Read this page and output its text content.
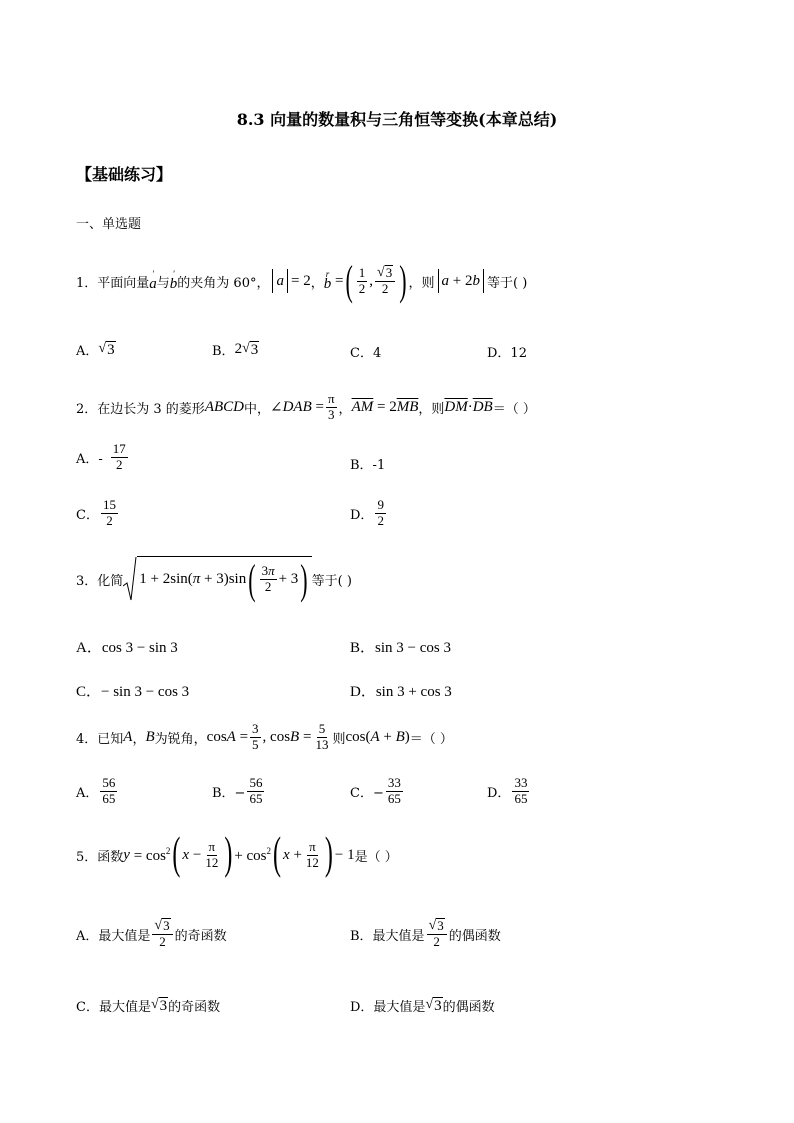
8.3 向量的数量积与三角恒等变换(本章总结)
【基础练习】
一、单选题
1．平面向量
'
a 与
'
b 的夹角为 60°， a = 2 ，
r
b = ( $\frac{1}{2}$ , $\frac{√ 3}{2}$ ) ，则 a + 2 b 等于( )
A． √ 3	B． 2 √ 3	C．4	D．12
2．在边长为 3 的菱形 ABCD 中， ∠ DAB = $\frac{\pi}{3}$ ， $\overline{AM} = 2$ $\overline{MB}$ ，则 $\overline{DM} \cdot \overline{DB}$ ＝（ ）
A．- $\frac{17}{2}$	B．-1
C． $\frac{15}{2}$	D． $\frac{9}{2}$
3．化简 1 + 2sin( π + 3)sin ( $\frac{3\pi}{2} + 3$ ) 等于( )
A．cos 3 − sin 3	B．sin 3 − cos 3
C．− sin 3 − cos 3	D．sin 3 + cos 3
4．已知 A ， B 为锐角， $\cos A = \frac{3}{5}$ , $\cos B = \frac{5}{13}$ 则 cos( A + B ) ＝（ ）
A． $\frac{56}{65}$	B．− $\frac{56}{65}$	C．− $\frac{33}{65}$	D． $\frac{33}{65}$
5．函数 $y = \cos^2$ ( $x - \frac{\pi}{12}$ ) + $\cos^2$ ( $x + \frac{\pi}{12}$ ) − 1 是（ ）
A．最大值是 $\frac{√ 3}{2}$ 的奇函数	B．最大值是 $\frac{√ 3}{2}$ 的偶函数
C．最大值是 √ 3 的奇函数	D．最大值是 √ 3 的偶函数
